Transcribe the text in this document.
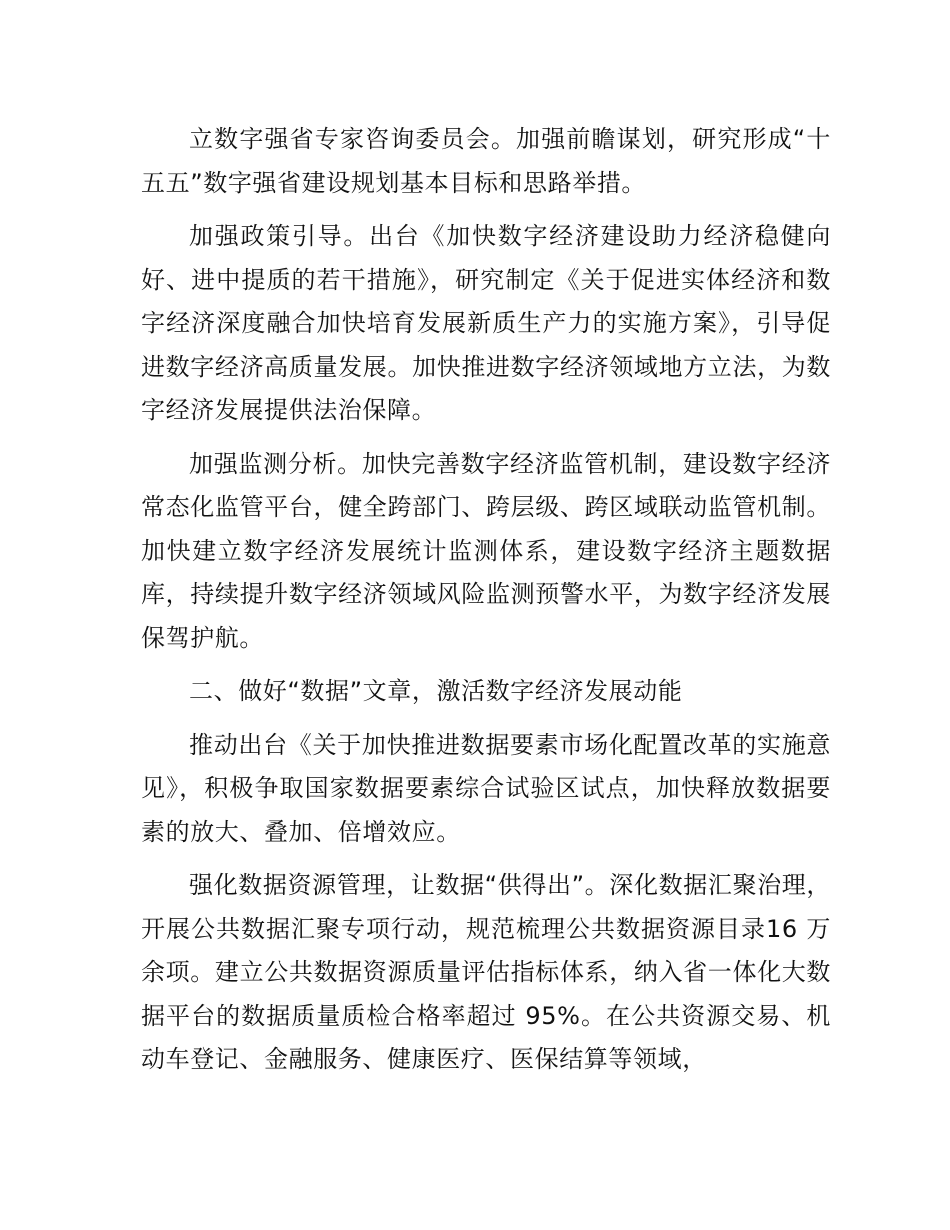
立数字强省专家咨询委员会。加强前瞻谋划，研究形成“十五五”数字强省建设规划基本目标和思路举措。

加强政策引导。出台《加快数字经济建设助力经济稳健向好、进中提质的若干措施》，研究制定《关于促进实体经济和数字经济深度融合加快培育发展新质生产力的实施方案》，引导促进数字经济高质量发展。加快推进数字经济领域地方立法，为数字经济发展提供法治保障。

加强监测分析。加快完善数字经济监管机制，建设数字经济常态化监管平台，健全跨部门、跨层级、跨区域联动监管机制。加快建立数字经济发展统计监测体系，建设数字经济主题数据库，持续提升数字经济领域风险监测预警水平，为数字经济发展保驾护航。

二、做好“数据”文章，激活数字经济发展动能

推动出台《关于加快推进数据要素市场化配置改革的实施意见》，积极争取国家数据要素综合试验区试点，加快释放数据要素的放大、叠加、倍增效应。

强化数据资源管理，让数据“供得出”。深化数据汇聚治理，开展公共数据汇聚专项行动，规范梳理公共数据资源目录16 万余项。建立公共数据资源质量评估指标体系，纳入省一体化大数据平台的数据质量质检合格率超过 95%。在公共资源交易、机动车登记、金融服务、健康医疗、医保结算等领域，
